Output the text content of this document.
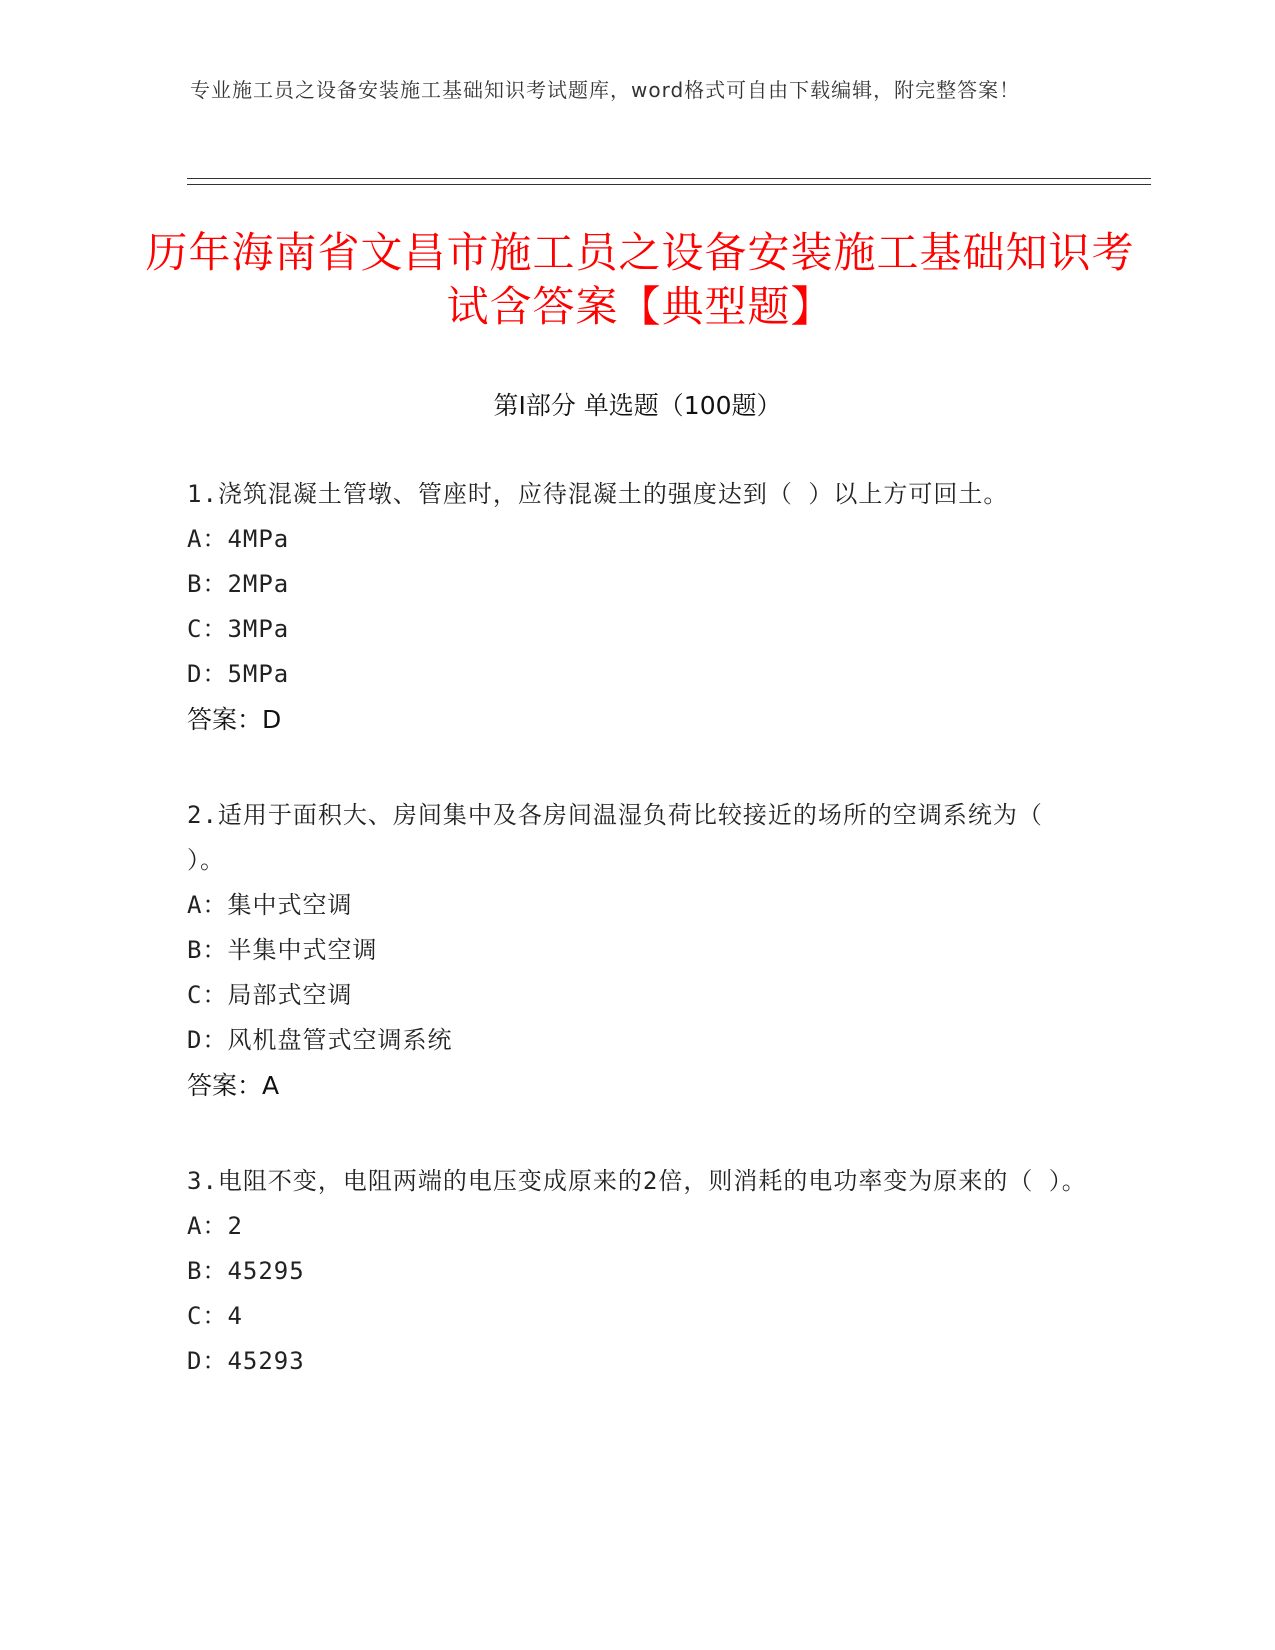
专业施工员之设备安装施工基础知识考试题库，word格式可自由下载编辑，附完整答案！
历年海南省文昌市施工员之设备安装施工基础知识考试含答案【典型题】
第I部分 单选题（100题）
1.浇筑混凝土管墩、管座时，应待混凝土的强度达到（ ）以上方可回土。
A：4MPa
B：2MPa
C：3MPa
D：5MPa
答案：D
2.适用于面积大、房间集中及各房间温湿负荷比较接近的场所的空调系统为（ ）。
A：集中式空调
B：半集中式空调
C：局部式空调
D：风机盘管式空调系统
答案：A
3.电阻不变，电阻两端的电压变成原来的2倍，则消耗的电功率变为原来的（ ）。
A：2
B：45295
C：4
D：45293
